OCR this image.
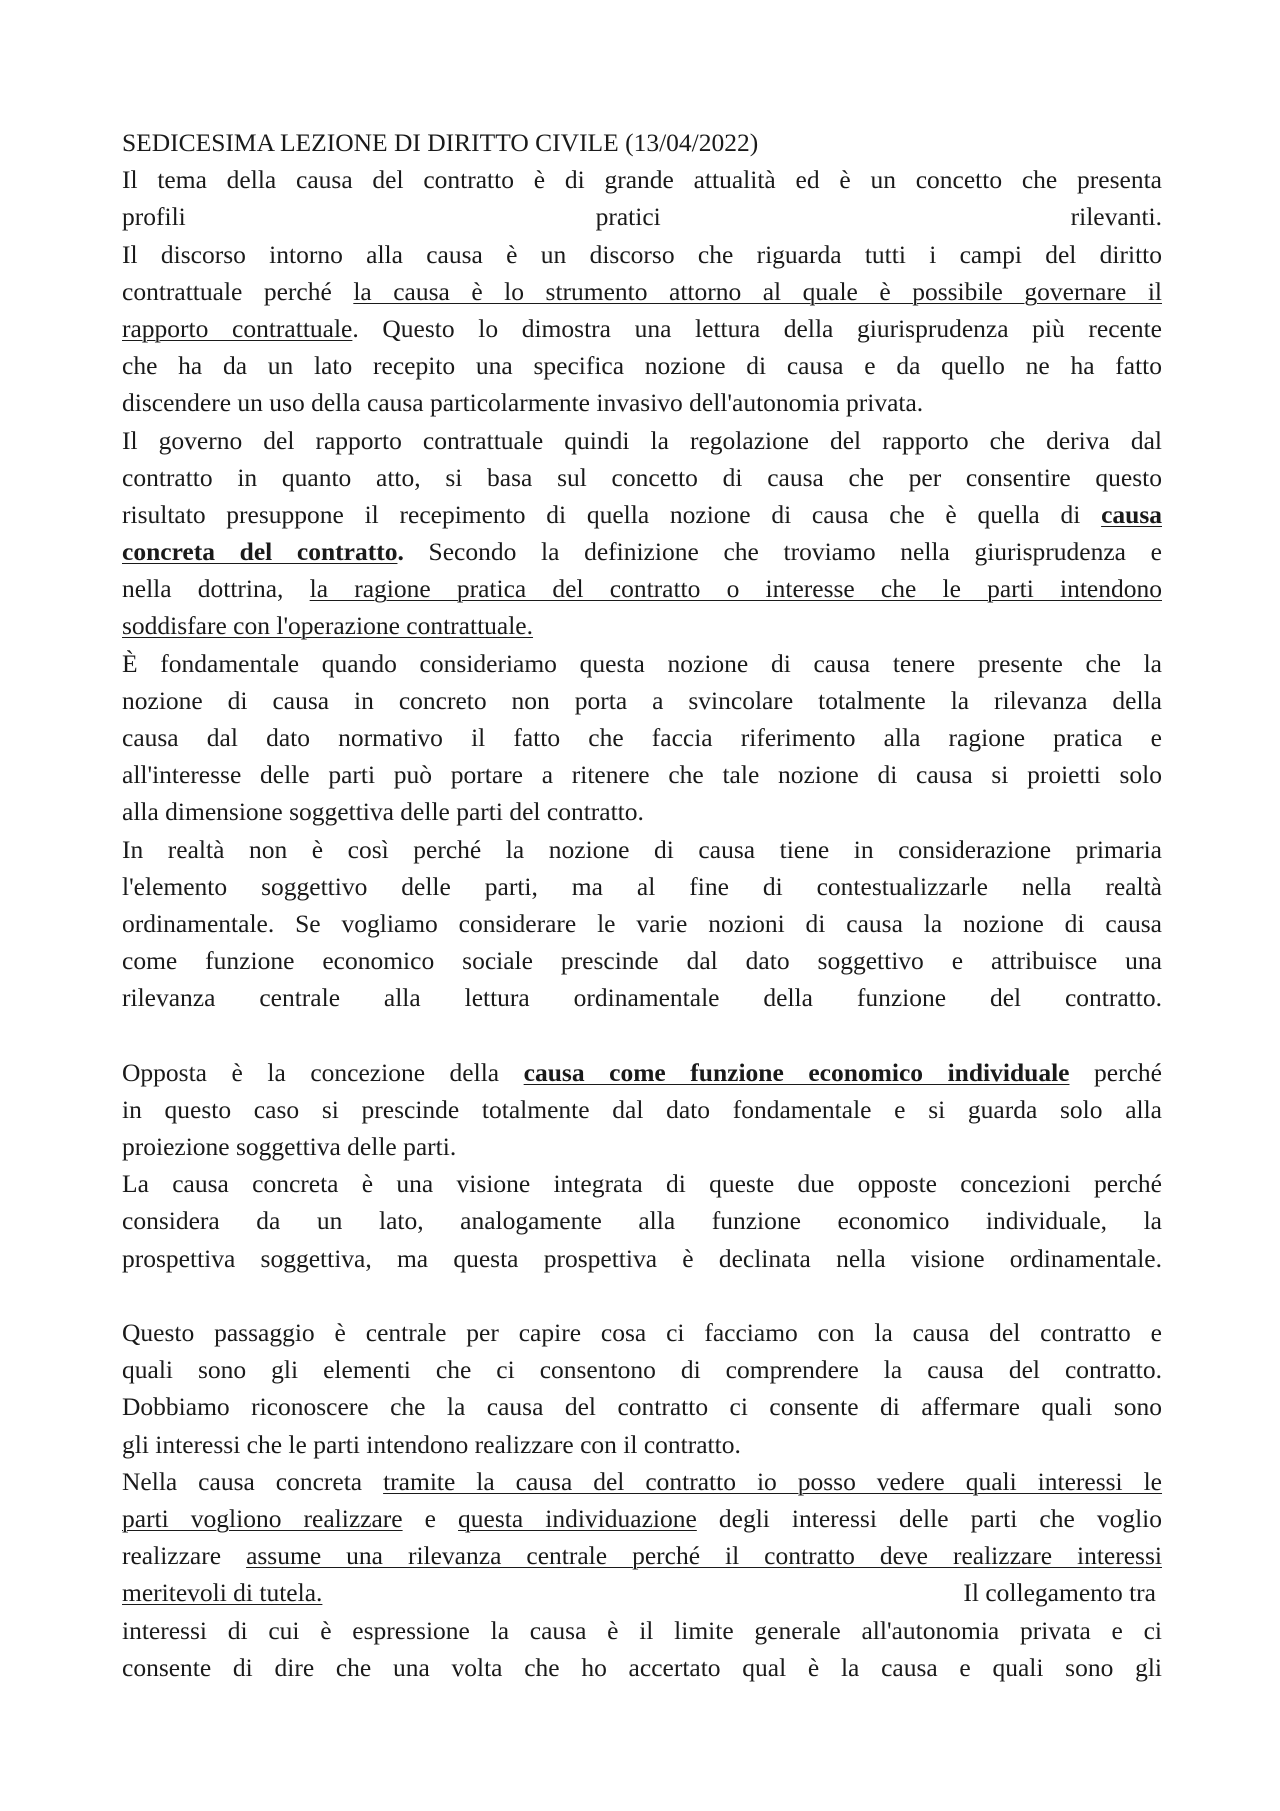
SEDICESIMA LEZIONE DI DIRITTO CIVILE (13/04/2022)
Il tema della causa del contratto è di grande attualità ed è un concetto che presenta
profili	pratici	rilevanti.
Il discorso intorno alla causa è un discorso che riguarda tutti i campi del diritto
contrattuale perché la causa è lo strumento attorno al quale è possibile governare il
rapporto contrattuale. Questo lo dimostra una lettura della giurisprudenza più recente
che ha da un lato recepito una specifica nozione di causa e da quello ne ha fatto
discendere un uso della causa particolarmente invasivo dell'autonomia privata.
Il governo del rapporto contrattuale quindi la regolazione del rapporto che deriva dal
contratto in quanto atto, si basa sul concetto di causa che per consentire questo
risultato presuppone il recepimento di quella nozione di causa che è quella di causa
concreta del contratto. Secondo la definizione che troviamo nella giurisprudenza e
nella dottrina, la ragione pratica del contratto o interesse che le parti intendono
soddisfare con l'operazione contrattuale.
È fondamentale quando consideriamo questa nozione di causa tenere presente che la
nozione di causa in concreto non porta a svincolare totalmente la rilevanza della
causa dal dato normativo il fatto che faccia riferimento alla ragione pratica e
all'interesse delle parti può portare a ritenere che tale nozione di causa si proietti solo
alla dimensione soggettiva delle parti del contratto.
In realtà non è così perché la nozione di causa tiene in considerazione primaria
l'elemento soggettivo delle parti, ma al fine di contestualizzarle nella realtà
ordinamentale. Se vogliamo considerare le varie nozioni di causa la nozione di causa
come funzione economico sociale prescinde dal dato soggettivo e attribuisce una
rilevanza centrale alla lettura ordinamentale della funzione del contratto.
Opposta è la concezione della causa come funzione economico individuale perché
in questo caso si prescinde totalmente dal dato fondamentale e si guarda solo alla
proiezione soggettiva delle parti.
La causa concreta è una visione integrata di queste due opposte concezioni perché
considera da un lato, analogamente alla funzione economico individuale, la
prospettiva soggettiva, ma questa prospettiva è declinata nella visione ordinamentale.
Questo passaggio è centrale per capire cosa ci facciamo con la causa del contratto e
quali sono gli elementi che ci consentono di comprendere la causa del contratto.
Dobbiamo riconoscere che la causa del contratto ci consente di affermare quali sono
gli interessi che le parti intendono realizzare con il contratto.
Nella causa concreta tramite la causa del contratto io posso vedere quali interessi le
parti vogliono realizzare e questa individuazione degli interessi delle parti che voglio
realizzare assume una rilevanza centrale perché il contratto deve realizzare interessi
meritevoli di tutela.	Il collegamento tra
interessi di cui è espressione la causa è il limite generale all'autonomia privata e ci
consente di dire che una volta che ho accertato qual è la causa e quali sono gli
